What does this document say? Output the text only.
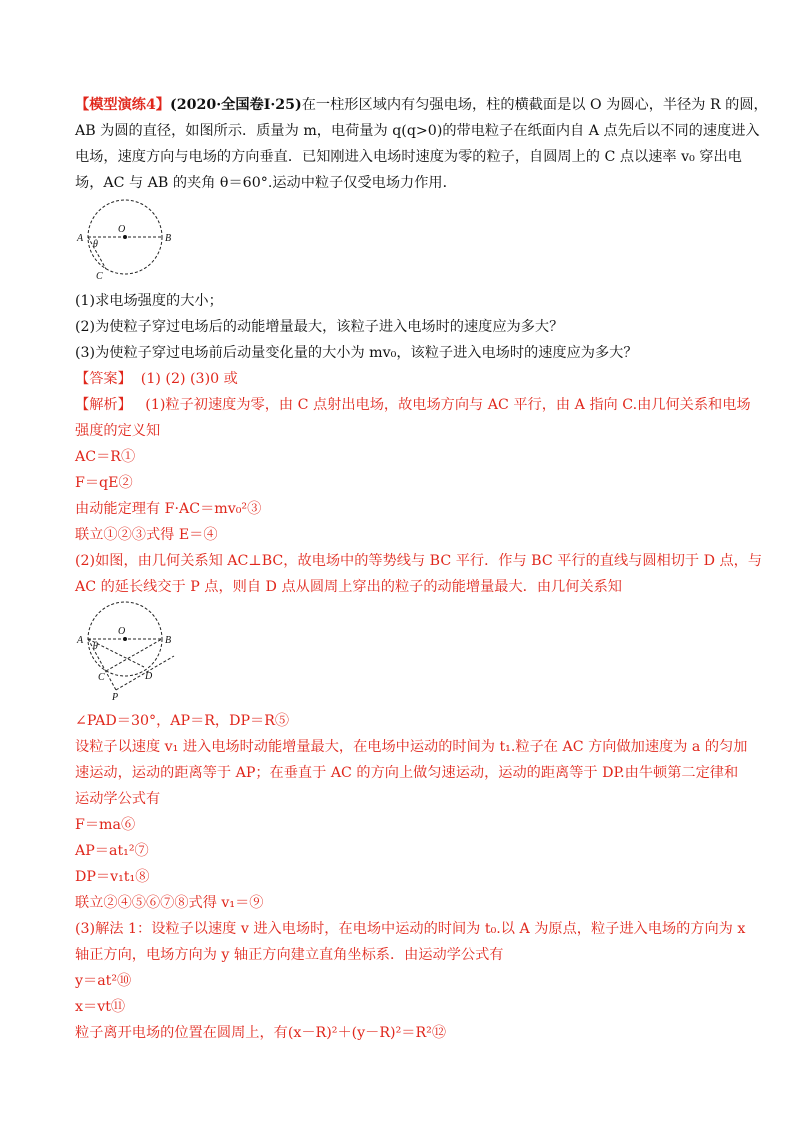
【模型演练4】(2020·全国卷Ⅰ·25)在一柱形区域内有匀强电场，柱的横截面是以 O 为圆心，半径为 R 的圆，
AB 为圆的直径，如图所示．质量为 m，电荷量为 q(q>0)的带电粒子在纸面内自 A 点先后以不同的速度进入
电场，速度方向与电场的方向垂直．已知刚进入电场时速度为零的粒子，自圆周上的 C 点以速率 v₀ 穿出电
场，AC 与 AB 的夹角 θ＝60°.运动中粒子仅受电场力作用．
A
O
B
θ
C
(1)求电场强度的大小；
(2)为使粒子穿过电场后的动能增量最大，该粒子进入电场时的速度应为多大？
(3)为使粒子穿过电场前后动量变化量的大小为 mv₀，该粒子进入电场时的速度应为多大？
【答案】 (1) (2) (3)0 或
【解析】 (1)粒子初速度为零，由 C 点射出电场，故电场方向与 AC 平行，由 A 指向 C.由几何关系和电场
强度的定义知
AC＝R①
F＝qE②
由动能定理有 F·AC＝mv₀²③
联立①②③式得 E＝④
(2)如图，由几何关系知 AC⊥BC，故电场中的等势线与 BC 平行．作与 BC 平行的直线与圆相切于 D 点，与
AC 的延长线交于 P 点，则自 D 点从圆周上穿出的粒子的动能增量最大．由几何关系知
A
O
B
θ
C	D
P
∠PAD＝30°，AP＝R，DP＝R⑤
设粒子以速度 v₁ 进入电场时动能增量最大，在电场中运动的时间为 t₁.粒子在 AC 方向做加速度为 a 的匀加
速运动，运动的距离等于 AP；在垂直于 AC 的方向上做匀速运动，运动的距离等于 DP.由牛顿第二定律和
运动学公式有
F＝ma⑥
AP＝at₁²⑦
DP＝v₁t₁⑧
联立②④⑤⑥⑦⑧式得 v₁＝⑨
(3)解法 1：设粒子以速度 v 进入电场时，在电场中运动的时间为 t₀.以 A 为原点，粒子进入电场的方向为 x
轴正方向，电场方向为 y 轴正方向建立直角坐标系．由运动学公式有
y＝at²⑩
x＝vt⑪
粒子离开电场的位置在圆周上，有(x－R)²＋(y－R)²＝R²⑫
